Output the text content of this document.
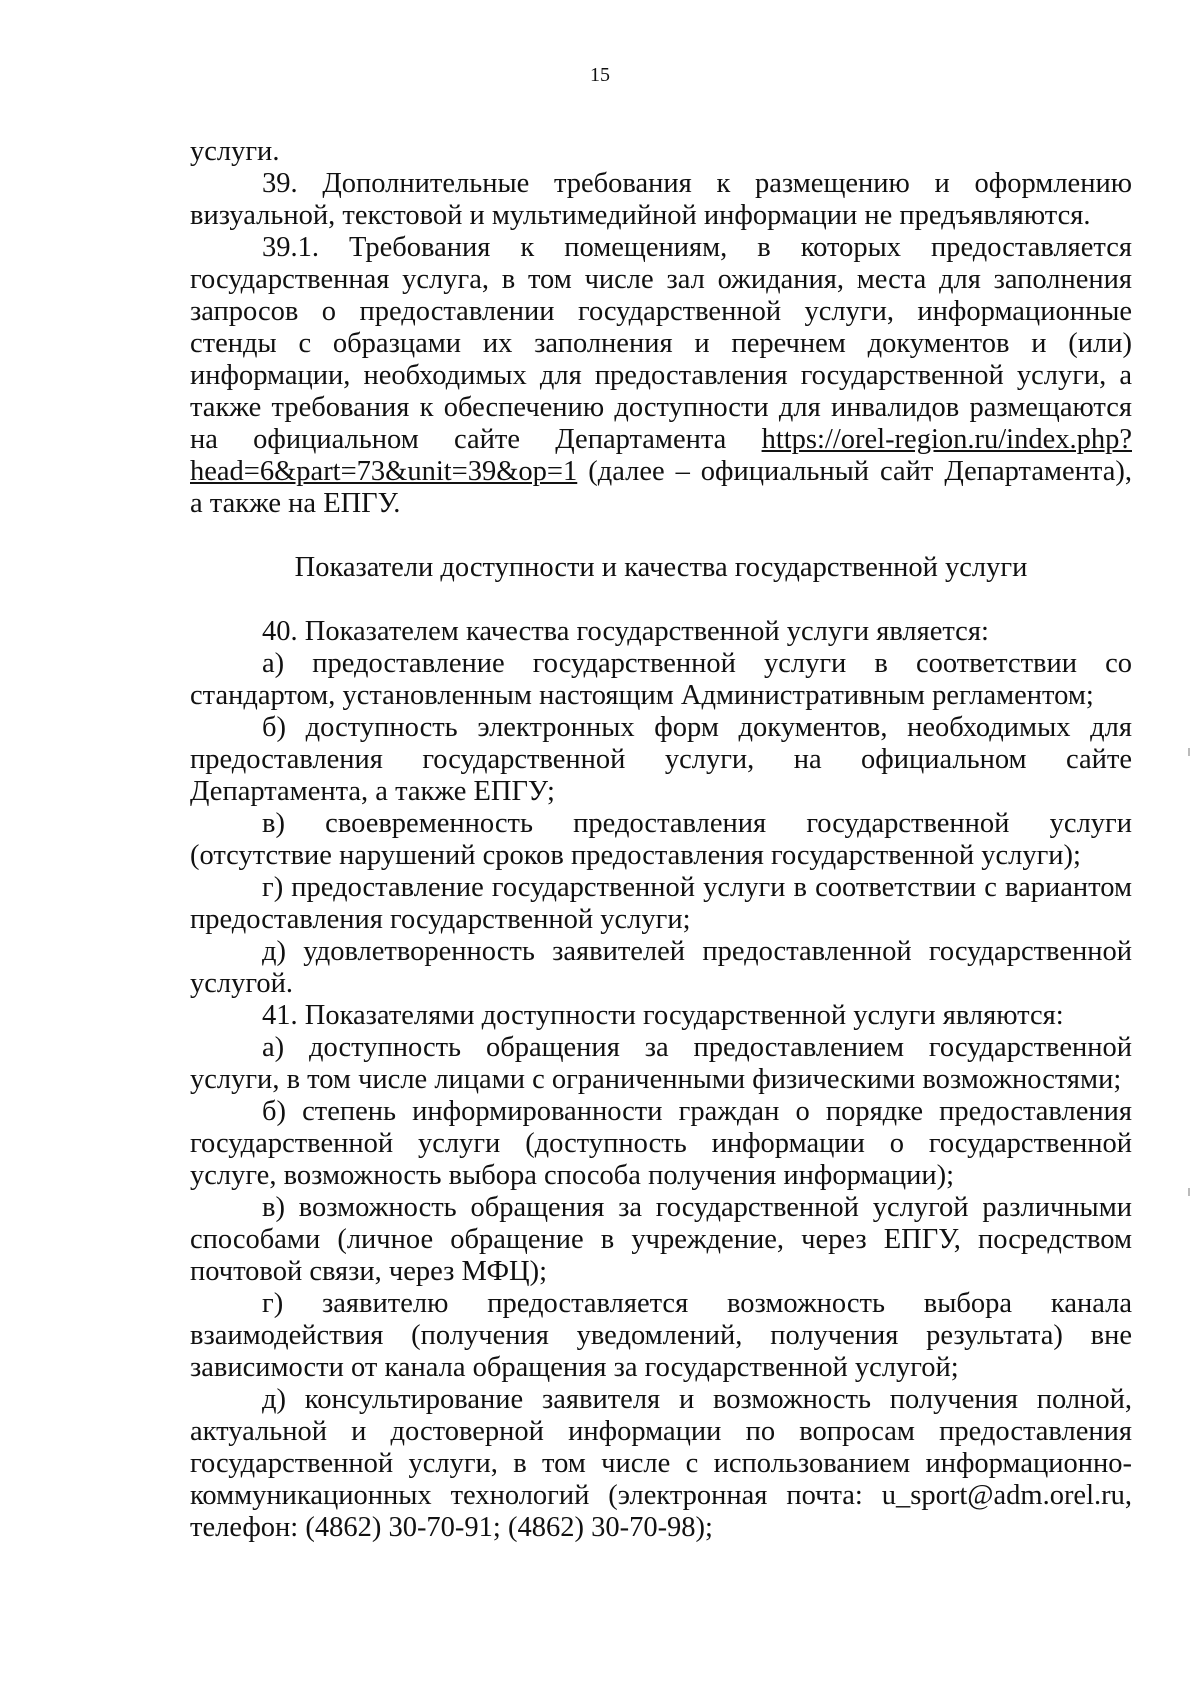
15

услуги.

39. Дополнительные требования к размещению и оформлению визуальной, текстовой и мультимедийной информации не предъявляются.

39.1. Требования к помещениям, в которых предоставляется государственная услуга, в том числе зал ожидания, места для заполнения запросов о предоставлении государственной услуги, информационные стенды с образцами их заполнения и перечнем документов и (или) информации, необходимых для предоставления государственной услуги, а также требования к обеспечению доступности для инвалидов размещаются на официальном сайте Департамента https://orel-region.ru/index.php?head=6&part=73&unit=39&op=1 (далее – официальный сайт Департамента), а также на ЕПГУ.

Показатели доступности и качества государственной услуги

40. Показателем качества государственной услуги является:

а) предоставление государственной услуги в соответствии со стандартом, установленным настоящим Административным регламентом;

б) доступность электронных форм документов, необходимых для предоставления государственной услуги, на официальном сайте Департамента, а также ЕПГУ;

в) своевременность предоставления государственной услуги (отсутствие нарушений сроков предоставления государственной услуги);

г) предоставление государственной услуги в соответствии с вариантом предоставления государственной услуги;

д) удовлетворенность заявителей предоставленной государственной услугой.

41. Показателями доступности государственной услуги являются:

а) доступность обращения за предоставлением государственной услуги, в том числе лицами с ограниченными физическими возможностями;

б) степень информированности граждан о порядке предоставления государственной услуги (доступность информации о государственной услуге, возможность выбора способа получения информации);

в) возможность обращения за государственной услугой различными способами (личное обращение в учреждение, через ЕПГУ, посредством почтовой связи, через МФЦ);

г) заявителю предоставляется возможность выбора канала взаимодействия (получения уведомлений, получения результата) вне зависимости от канала обращения за государственной услугой;

д) консультирование заявителя и возможность получения полной, актуальной и достоверной информации по вопросам предоставления государственной услуги, в том числе с использованием информационно-коммуникационных технологий (электронная почта: u_sport@adm.orel.ru, телефон: (4862) 30-70-91; (4862) 30-70-98);
